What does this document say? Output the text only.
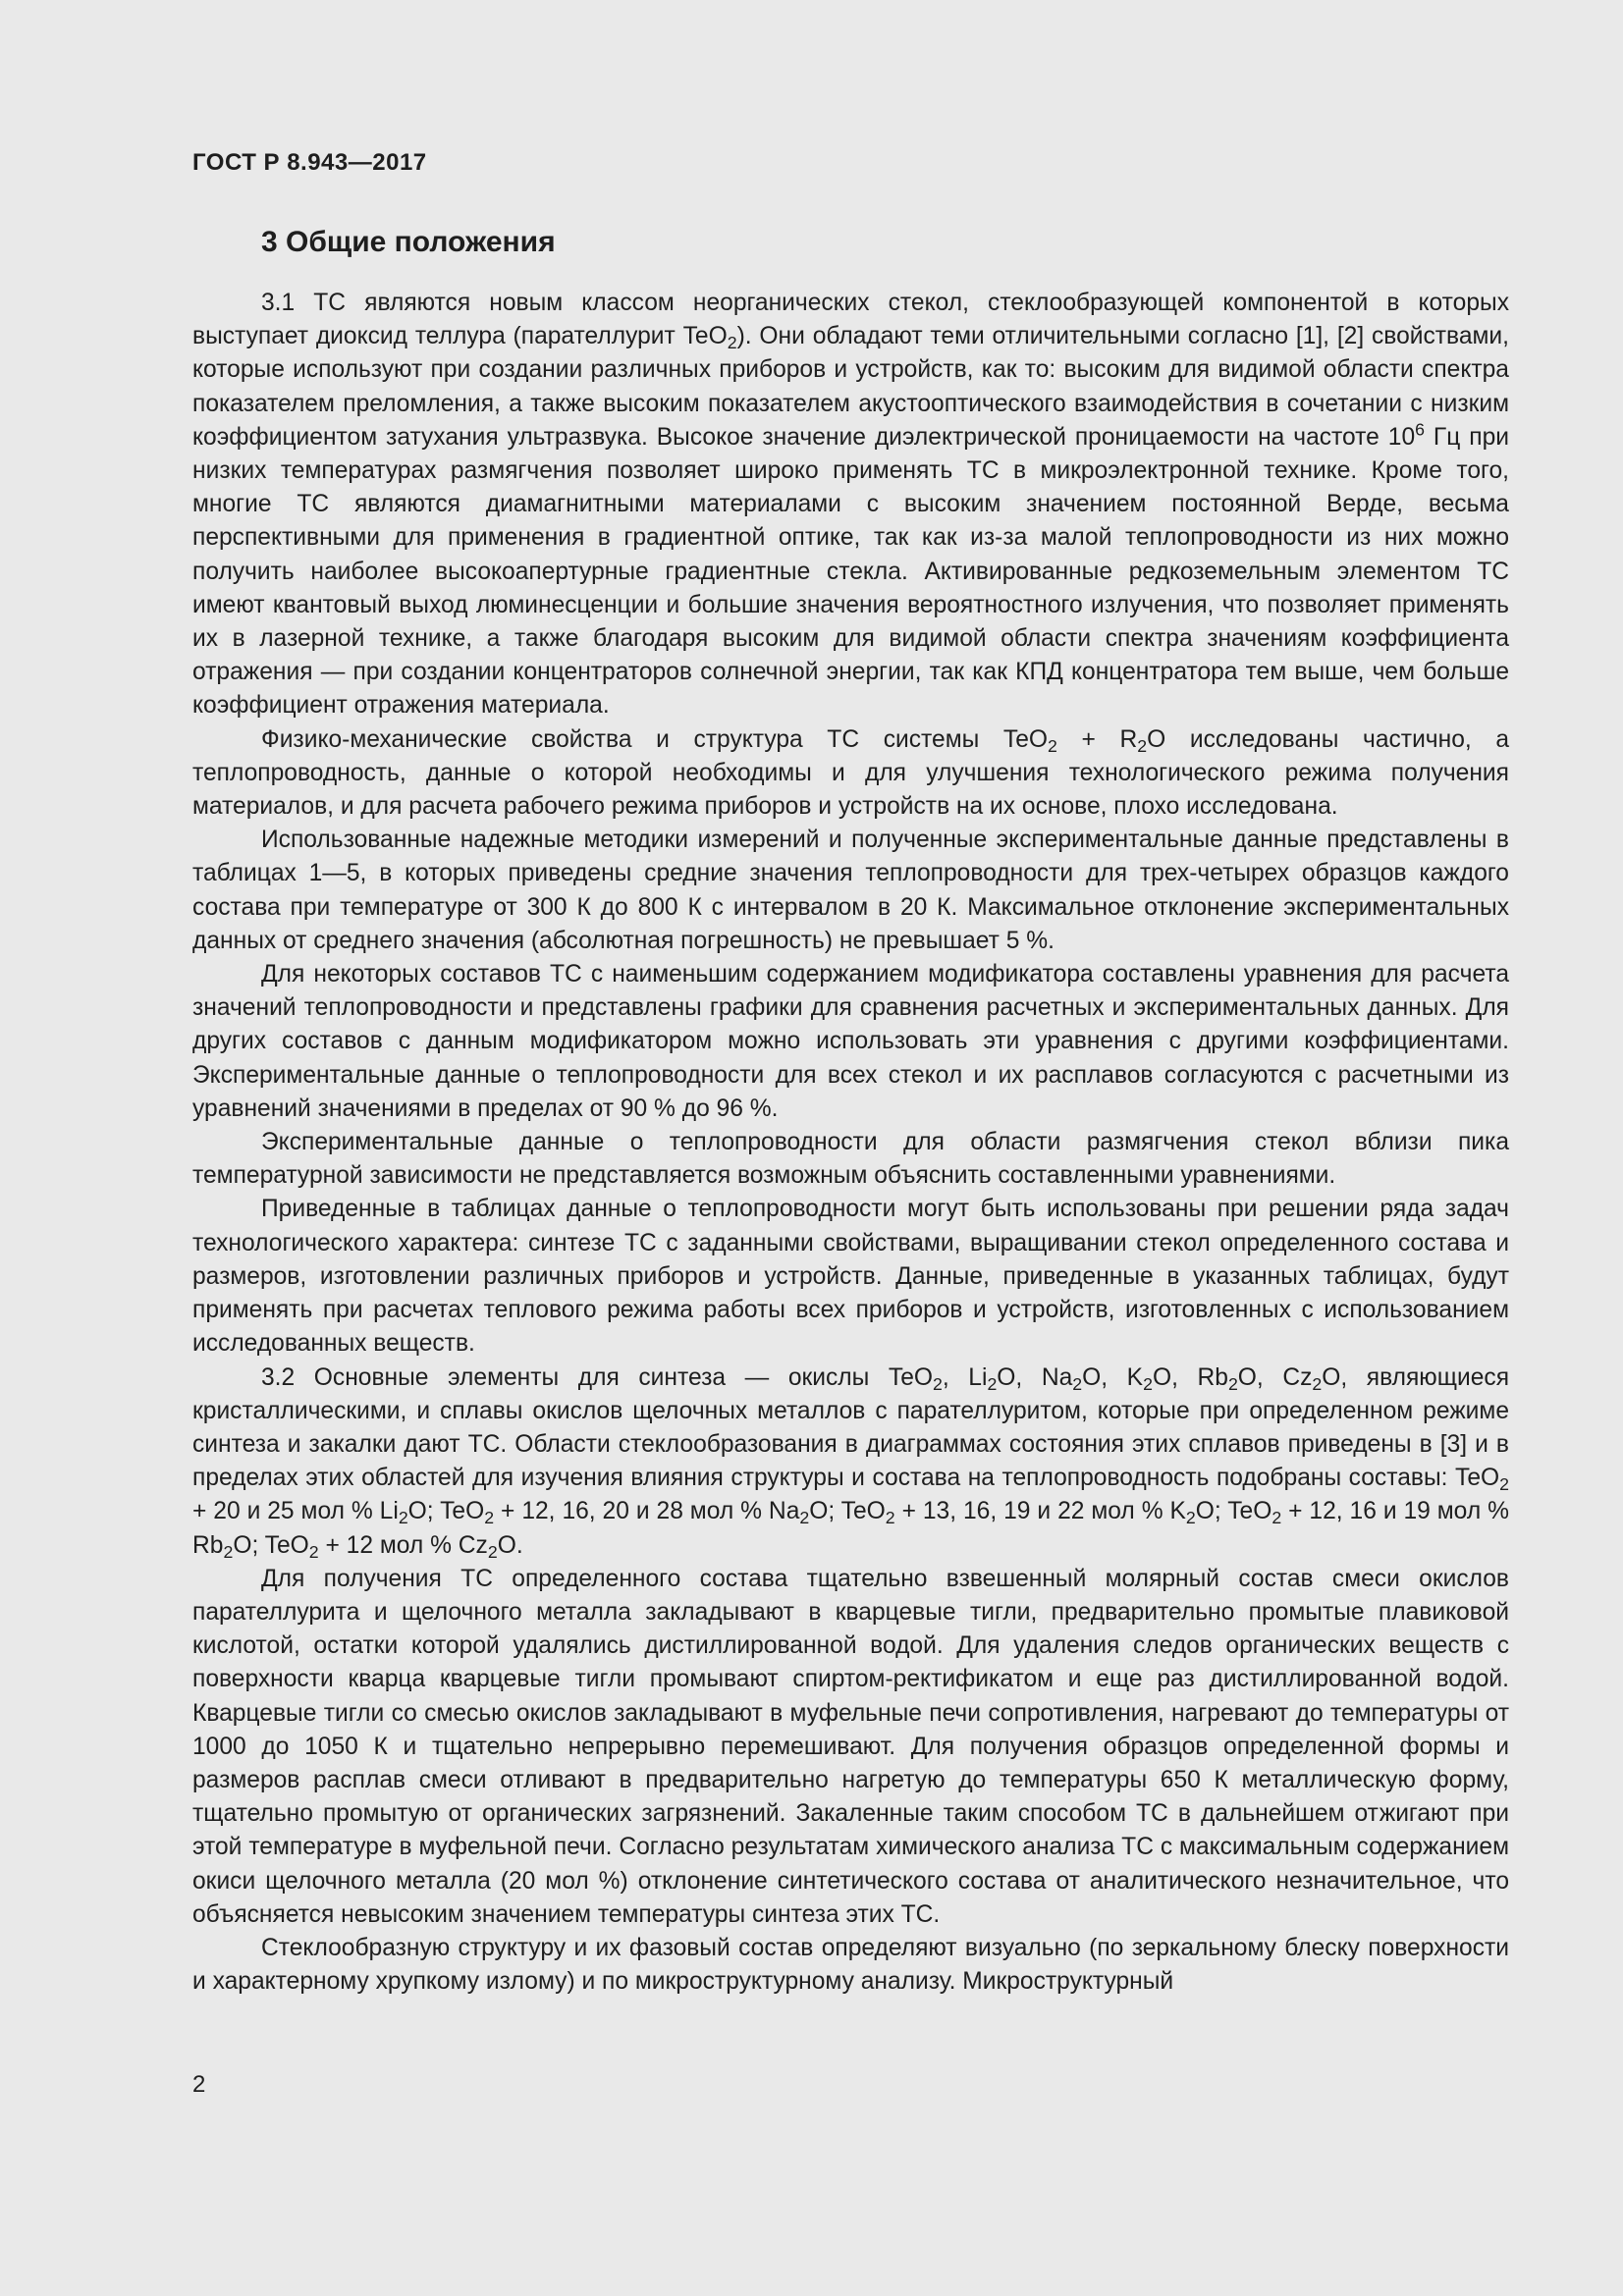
ГОСТ Р 8.943—2017
3 Общие положения

3.1 ТС являются новым классом неорганических стекол, стеклообразующей компонентой в которых выступает диоксид теллура (парателлурит TeO$_2$). Они обладают теми отличительными согласно [1], [2] свойствами, которые используют при создании различных приборов и устройств, как то: высоким для видимой области спектра показателем преломления, а также высоким показателем акустооптического взаимодействия в сочетании с низким коэффициентом затухания ультразвука. Высокое значение диэлектрической проницаемости на частоте $10^6$ Гц при низких температурах размягчения позволяет широко применять ТС в микроэлектронной технике. Кроме того, многие ТС являются диамагнитными материалами с высоким значением постоянной Верде, весьма перспективными для применения в градиентной оптике, так как из-за малой теплопроводности из них можно получить наиболее высокоапертурные градиентные стекла. Активированные редкоземельным элементом ТС имеют квантовый выход люминесценции и большие значения вероятностного излучения, что позволяет применять их в лазерной технике, а также благодаря высоким для видимой области спектра значениям коэффициента отражения — при создании концентраторов солнечной энергии, так как КПД концентратора тем выше, чем больше коэффициент отражения материала.

Физико-механические свойства и структура ТС системы $TeO_2 + R_2O$ исследованы частично, а теплопроводность, данные о которой необходимы и для улучшения технологического режима получения материалов, и для расчета рабочего режима приборов и устройств на их основе, плохо исследована.

Использованные надежные методики измерений и полученные экспериментальные данные представлены в таблицах 1—5, в которых приведены средние значения теплопроводности для трех-четырех образцов каждого состава при температуре от 300 К до 800 К с интервалом в 20 К. Максимальное отклонение экспериментальных данных от среднего значения (абсолютная погрешность) не превышает 5 %.

Для некоторых составов ТС с наименьшим содержанием модификатора составлены уравнения для расчета значений теплопроводности и представлены графики для сравнения расчетных и экспериментальных данных. Для других составов с данным модификатором можно использовать эти уравнения с другими коэффициентами. Экспериментальные данные о теплопроводности для всех стекол и их расплавов согласуются с расчетными из уравнений значениями в пределах от 90 % до 96 %.

Экспериментальные данные о теплопроводности для области размягчения стекол вблизи пика температурной зависимости не представляется возможным объяснить составленными уравнениями.

Приведенные в таблицах данные о теплопроводности могут быть использованы при решении ряда задач технологического характера: синтезе ТС с заданными свойствами, выращивании стекол определенного состава и размеров, изготовлении различных приборов и устройств. Данные, приведенные в указанных таблицах, будут применять при расчетах теплового режима работы всех приборов и устройств, изготовленных с использованием исследованных веществ.

3.2 Основные элементы для синтеза — окислы TeO$_2$, $Li_2O$, $Na_2O$, $K_2O$, $Rb_2O$, $Cz_2O$, являющиеся кристаллическими, и сплавы окислов щелочных металлов с парателлуритом, которые при определенном режиме синтеза и закалки дают ТС. Области стеклообразования в диаграммах состояния этих сплавов приведены в [3] и в пределах этих областей для изучения влияния структуры и состава на теплопроводность подобраны составы: TeO$_2$ + 20 и 25 мол % $Li_2O$; TeO$_2$ + 12, 16, 20 и 28 мол % $Na_2O$; TeO$_2$ + 13, 16, 19 и 22 мол % $K_2O$; TeO$_2$ + 12, 16 и 19 мол % $Rb_2O$; TeO$_2$ + 12 мол % $Cz_2O$.

Для получения ТС определенного состава тщательно взвешенный молярный состав смеси окислов парателлурита и щелочного металла закладывают в кварцевые тигли, предварительно промытые плавиковой кислотой, остатки которой удалялись дистиллированной водой. Для удаления следов органических веществ с поверхности кварца кварцевые тигли промывают спиртом-ректификатом и еще раз дистиллированной водой. Кварцевые тигли со смесью окислов закладывают в муфельные печи сопротивления, нагревают до температуры от 1000 до 1050 К и тщательно непрерывно перемешивают. Для получения образцов определенной формы и размеров расплав смеси отливают в предварительно нагретую до температуры 650 К металлическую форму, тщательно промытую от органических загрязнений. Закаленные таким способом ТС в дальнейшем отжигают при этой температуре в муфельной печи. Согласно результатам химического анализа ТС с максимальным содержанием окиси щелочного металла (20 мол %) отклонение синтетического состава от аналитического незначительное, что объясняется невысоким значением температуры синтеза этих ТС.

Стеклообразную структуру и их фазовый состав определяют визуально (по зеркальному блеску поверхности и характерному хрупкому излому) и по микроструктурному анализу. Микроструктурный

2
